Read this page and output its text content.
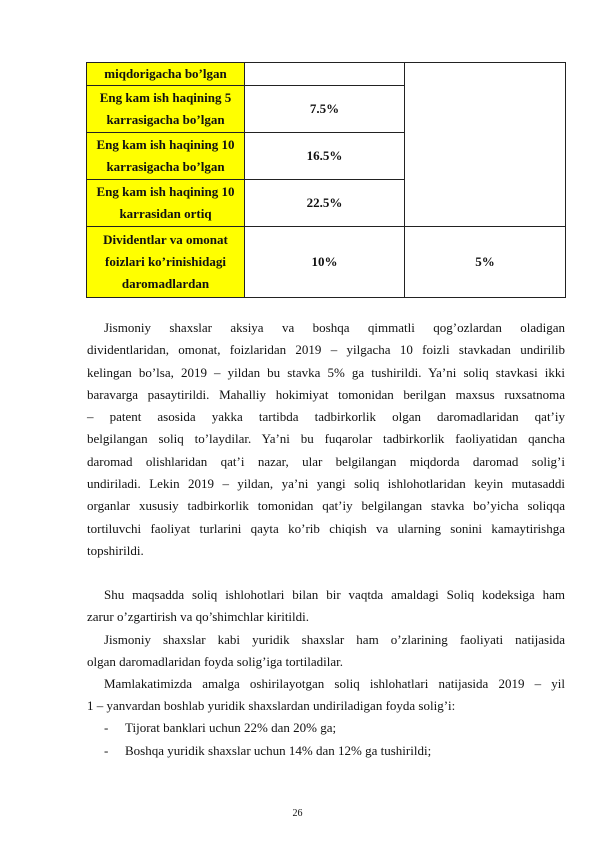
miqdorigacha bo’lgan		
Eng kam ish haqining 5
karrasigacha bo’lgan	7.5%	
Eng kam ish haqining 10
karrasigacha bo’lgan	16.5%	
Eng kam ish haqining 10
karrasidan ortiq	22.5%	
Dividentlar va omonat
foizlari ko’rinishidagi
daromadlardan	10%	5%
Jismoniy shaxslar aksiya va boshqa qimmatli qog’ozlardan oladigan
dividentlaridan, omonat, foizlaridan 2019 – yilgacha 10 foizli stavkadan undirilib
kelingan bo’lsa, 2019 – yildan bu stavka 5% ga tushirildi. Ya’ni soliq stavkasi ikki
baravarga pasaytirildi. Mahalliy hokimiyat tomonidan berilgan maxsus ruxsatnoma
– patent asosida yakka tartibda tadbirkorlik olgan daromadlaridan qat’iy
belgilangan soliq to’laydilar. Ya’ni bu fuqarolar tadbirkorlik faoliyatidan qancha
daromad olishlaridan qat’i nazar, ular belgilangan miqdorda daromad solig’i
undiriladi. Lekin 2019 – yildan, ya’ni yangi soliq ishlohotlaridan keyin mutasaddi
organlar xususiy tadbirkorlik tomonidan qat’iy belgilangan stavka bo’yicha soliqqa
tortiluvchi faoliyat turlarini qayta ko’rib chiqish va ularning sonini kamaytirishga
topshirildi.
Shu maqsadda soliq ishlohotlari bilan bir vaqtda amaldagi Soliq kodeksiga ham
zarur o’zgartirish va qo’shimchlar kiritildi.
Jismoniy shaxslar kabi yuridik shaxslar ham o’zlarining faoliyati natijasida
olgan daromadlaridan foyda solig’iga tortiladilar.
Mamlakatimizda amalga oshirilayotgan soliq ishlohatlari natijasida 2019 – yil
1 – yanvardan boshlab yuridik shaxslardan undiriladigan foyda solig’i:
- Tijorat banklari uchun 22% dan 20% ga;
- Boshqa yuridik shaxslar uchun 14% dan 12% ga tushirildi;
26
